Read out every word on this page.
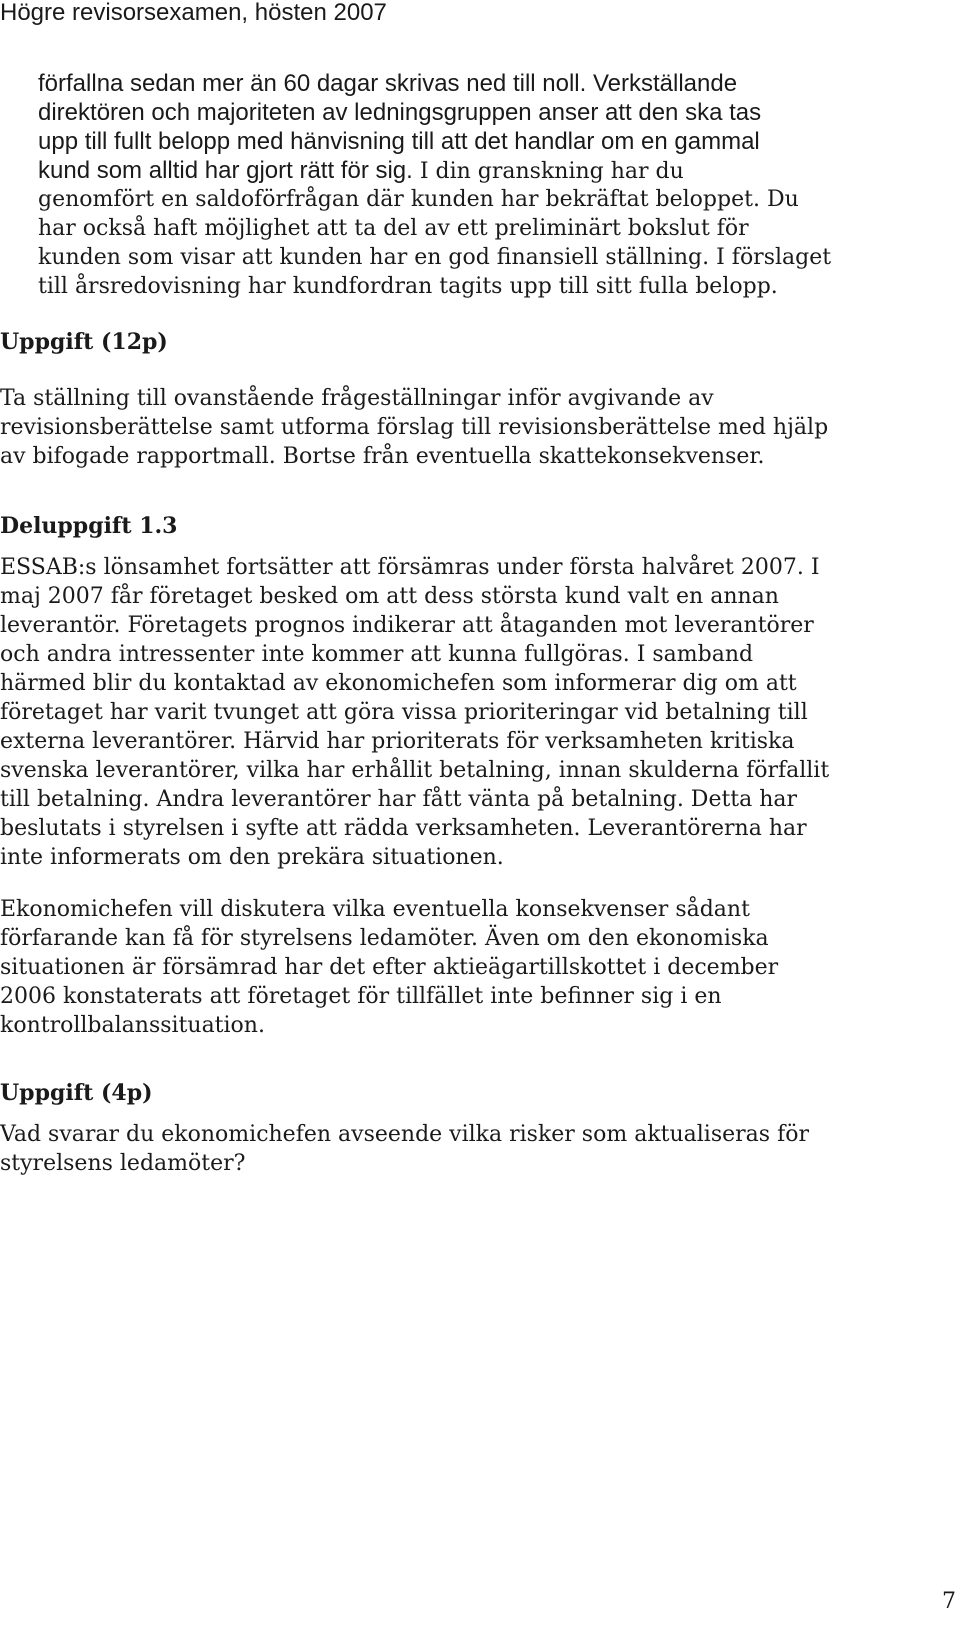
Högre revisorsexamen, hösten 2007
förfallna sedan mer än 60 dagar skrivas ned till noll. Verkställande
direktören och majoriteten av ledningsgruppen anser att den ska tas
upp till fullt belopp med hänvisning till att det handlar om en gammal
kund som alltid har gjort rätt för sig. I din granskning har du
genomfört en saldoförfrågan där kunden har bekräftat beloppet. Du
har också haft möjlighet att ta del av ett preliminärt bokslut för
kunden som visar att kunden har en god finansiell ställning. I förslaget
till årsredovisning har kundfordran tagits upp till sitt fulla belopp.
Uppgift (12p)
Ta ställning till ovanstående frågeställningar inför avgivande av
revisionsberättelse samt utforma förslag till revisionsberättelse med hjälp
av bifogade rapportmall. Bortse från eventuella skattekonsekvenser.
Deluppgift 1.3
ESSAB:s lönsamhet fortsätter att försämras under första halvåret 2007. I
maj 2007 får företaget besked om att dess största kund valt en annan
leverantör. Företagets prognos indikerar att åtaganden mot leverantörer
och andra intressenter inte kommer att kunna fullgöras. I samband
härmed blir du kontaktad av ekonomichefen som informerar dig om att
företaget har varit tvunget att göra vissa prioriteringar vid betalning till
externa leverantörer. Härvid har prioriterats för verksamheten kritiska
svenska leverantörer, vilka har erhållit betalning, innan skulderna förfallit
till betalning. Andra leverantörer har fått vänta på betalning. Detta har
beslutats i styrelsen i syfte att rädda verksamheten. Leverantörerna har
inte informerats om den prekära situationen.
Ekonomichefen vill diskutera vilka eventuella konsekvenser sådant
förfarande kan få för styrelsens ledamöter. Även om den ekonomiska
situationen är försämrad har det efter aktieägartillskottet i december
2006 konstaterats att företaget för tillfället inte befinner sig i en
kontrollbalanssituation.
Uppgift (4p)
Vad svarar du ekonomichefen avseende vilka risker som aktualiseras för
styrelsens ledamöter?
7
